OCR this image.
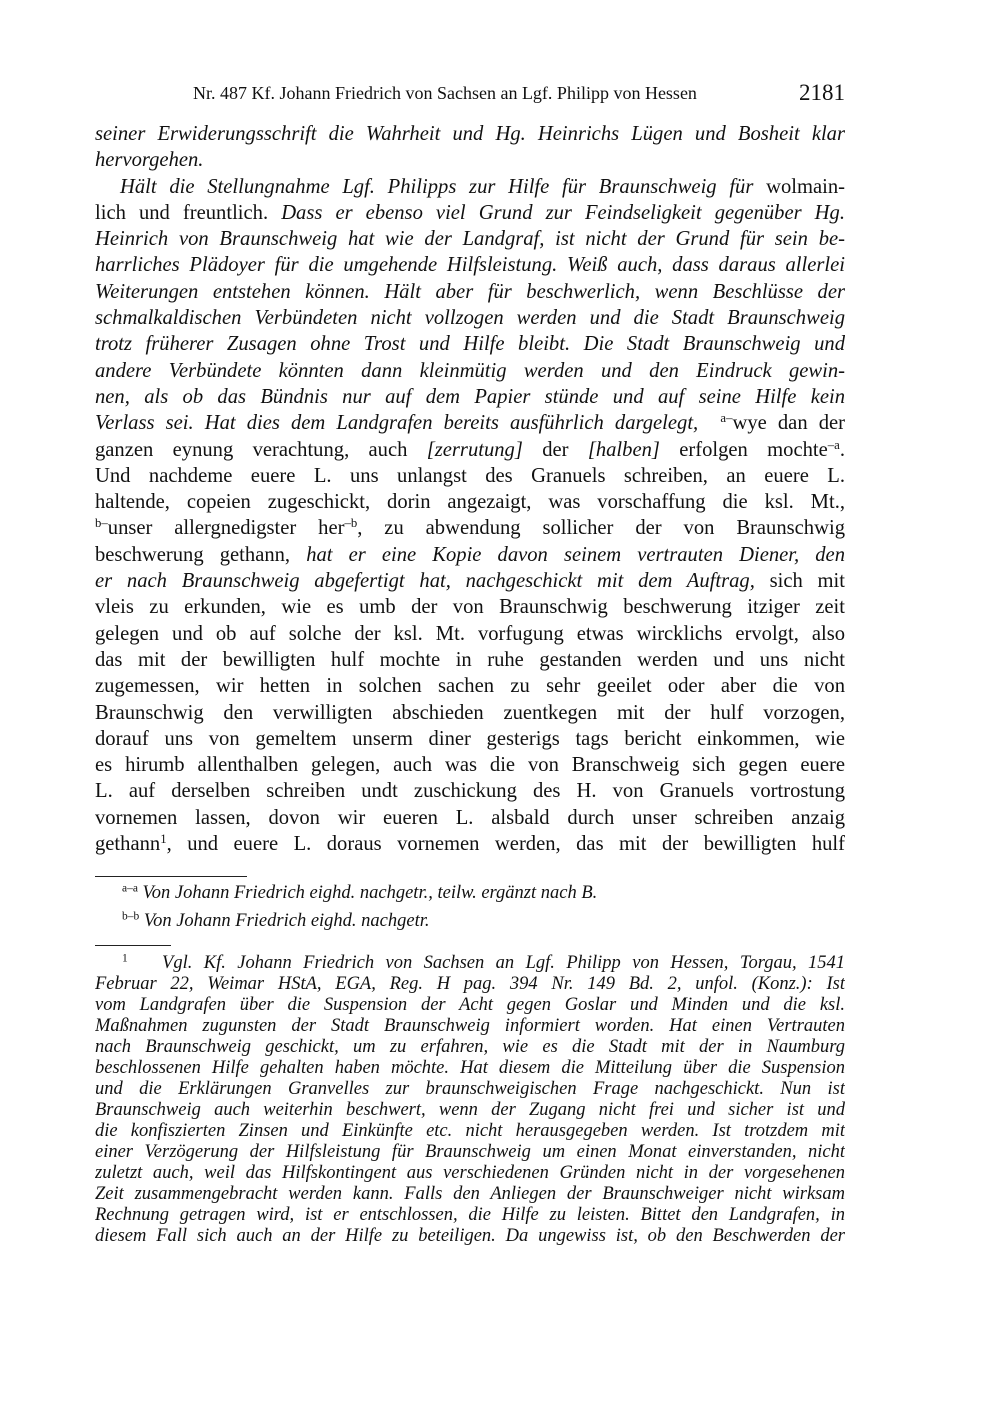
Nr. 487 Kf. Johann Friedrich von Sachsen an Lgf. Philipp von Hessen	2181
seiner Erwiderungsschrift die Wahrheit und Hg. Heinrichs Lügen und Bosheit klar
hervorgehen.
Hält die Stellungnahme Lgf. Philipps zur Hilfe für Braunschweig für wolmain-
lich und freuntlich. Dass er ebenso viel Grund zur Feindseligkeit gegenüber Hg.
Heinrich von Braunschweig hat wie der Landgraf, ist nicht der Grund für sein be-
harrliches Plädoyer für die umgehende Hilfsleistung. Weiß auch, dass daraus allerlei
Weiterungen entstehen können. Hält aber für beschwerlich, wenn Beschlüsse der
schmalkaldischen Verbündeten nicht vollzogen werden und die Stadt Braunschweig
trotz früherer Zusagen ohne Trost und Hilfe bleibt. Die Stadt Braunschweig und
andere Verbündete könnten dann kleinmütig werden und den Eindruck gewin-
nen, als ob das Bündnis nur auf dem Papier stünde und auf seine Hilfe kein
Verlass sei. Hat dies dem Landgrafen bereits ausführlich dargelegt, $^{a-}$wye dan der
ganzen eynung verachtung, auch [zerrutung] der [halben] erfolgen mochte$^{-a}$.
Und nachdeme euere L. uns unlangst des Granuels schreiben, an euere L.
haltende, copeien zugeschickt, dorin angezaigt, was vorschaffung die ksl. Mt.,
$^{b-}$unser allergnedigster her$^{-b}$, zu abwendung sollicher der von Braunschwig
beschwerung gethann, hat er eine Kopie davon seinem vertrauten Diener, den
er nach Braunschweig abgefertigt hat, nachgeschickt mit dem Auftrag, sich mit
vleis zu erkunden, wie es umb der von Braunschwig beschwerung itziger zeit
gelegen und ob auf solche der ksl. Mt. vorfugung etwas wircklichs ervolgt, also
das mit der bewilligten hulf mochte in ruhe gestanden werden und uns nicht
zugemessen, wir hetten in solchen sachen zu sehr geeilet oder aber die von
Braunschwig den verwilligten abschieden zuentkegen mit der hulf vorzogen,
dorauf uns von gemeltem unserm diner gesterigs tags bericht einkommen, wie
es hirumb allenthalben gelegen, auch was die von Branschweig sich gegen euere
L. auf derselben schreiben undt zuschickung des H. von Granuels vortrostung
vornemen lassen, dovon wir eueren L. alsbald durch unser schreiben anzaig
gethann$^1$, und euere L. doraus vornemen werden, das mit der bewilligten hulf
$^{a-a}$ Von Johann Friedrich eighd. nachgetr., teilw. ergänzt nach B.
$^{b-b}$ Von Johann Friedrich eighd. nachgetr.
$^1$ Vgl. Kf. Johann Friedrich von Sachsen an Lgf. Philipp von Hessen, Torgau, 1541
Februar 22, Weimar HStA, EGA, Reg. H pag. 394 Nr. 149 Bd. 2, unfol. (Konz.): Ist
vom Landgrafen über die Suspension der Acht gegen Goslar und Minden und die ksl.
Maßnahmen zugunsten der Stadt Braunschweig informiert worden. Hat einen Vertrauten
nach Braunschweig geschickt, um zu erfahren, wie es die Stadt mit der in Naumburg
beschlossenen Hilfe gehalten haben möchte. Hat diesem die Mitteilung über die Suspension
und die Erklärungen Granvelles zur braunschweigischen Frage nachgeschickt. Nun ist
Braunschweig auch weiterhin beschwert, wenn der Zugang nicht frei und sicher ist und
die konfiszierten Zinsen und Einkünfte etc. nicht herausgegeben werden. Ist trotzdem mit
einer Verzögerung der Hilfsleistung für Braunschweig um einen Monat einverstanden, nicht
zuletzt auch, weil das Hilfskontingent aus verschiedenen Gründen nicht in der vorgesehenen
Zeit zusammengebracht werden kann. Falls den Anliegen der Braunschweiger nicht wirksam
Rechnung getragen wird, ist er entschlossen, die Hilfe zu leisten. Bittet den Landgrafen, in
diesem Fall sich auch an der Hilfe zu beteiligen. Da ungewiss ist, ob den Beschwerden der
